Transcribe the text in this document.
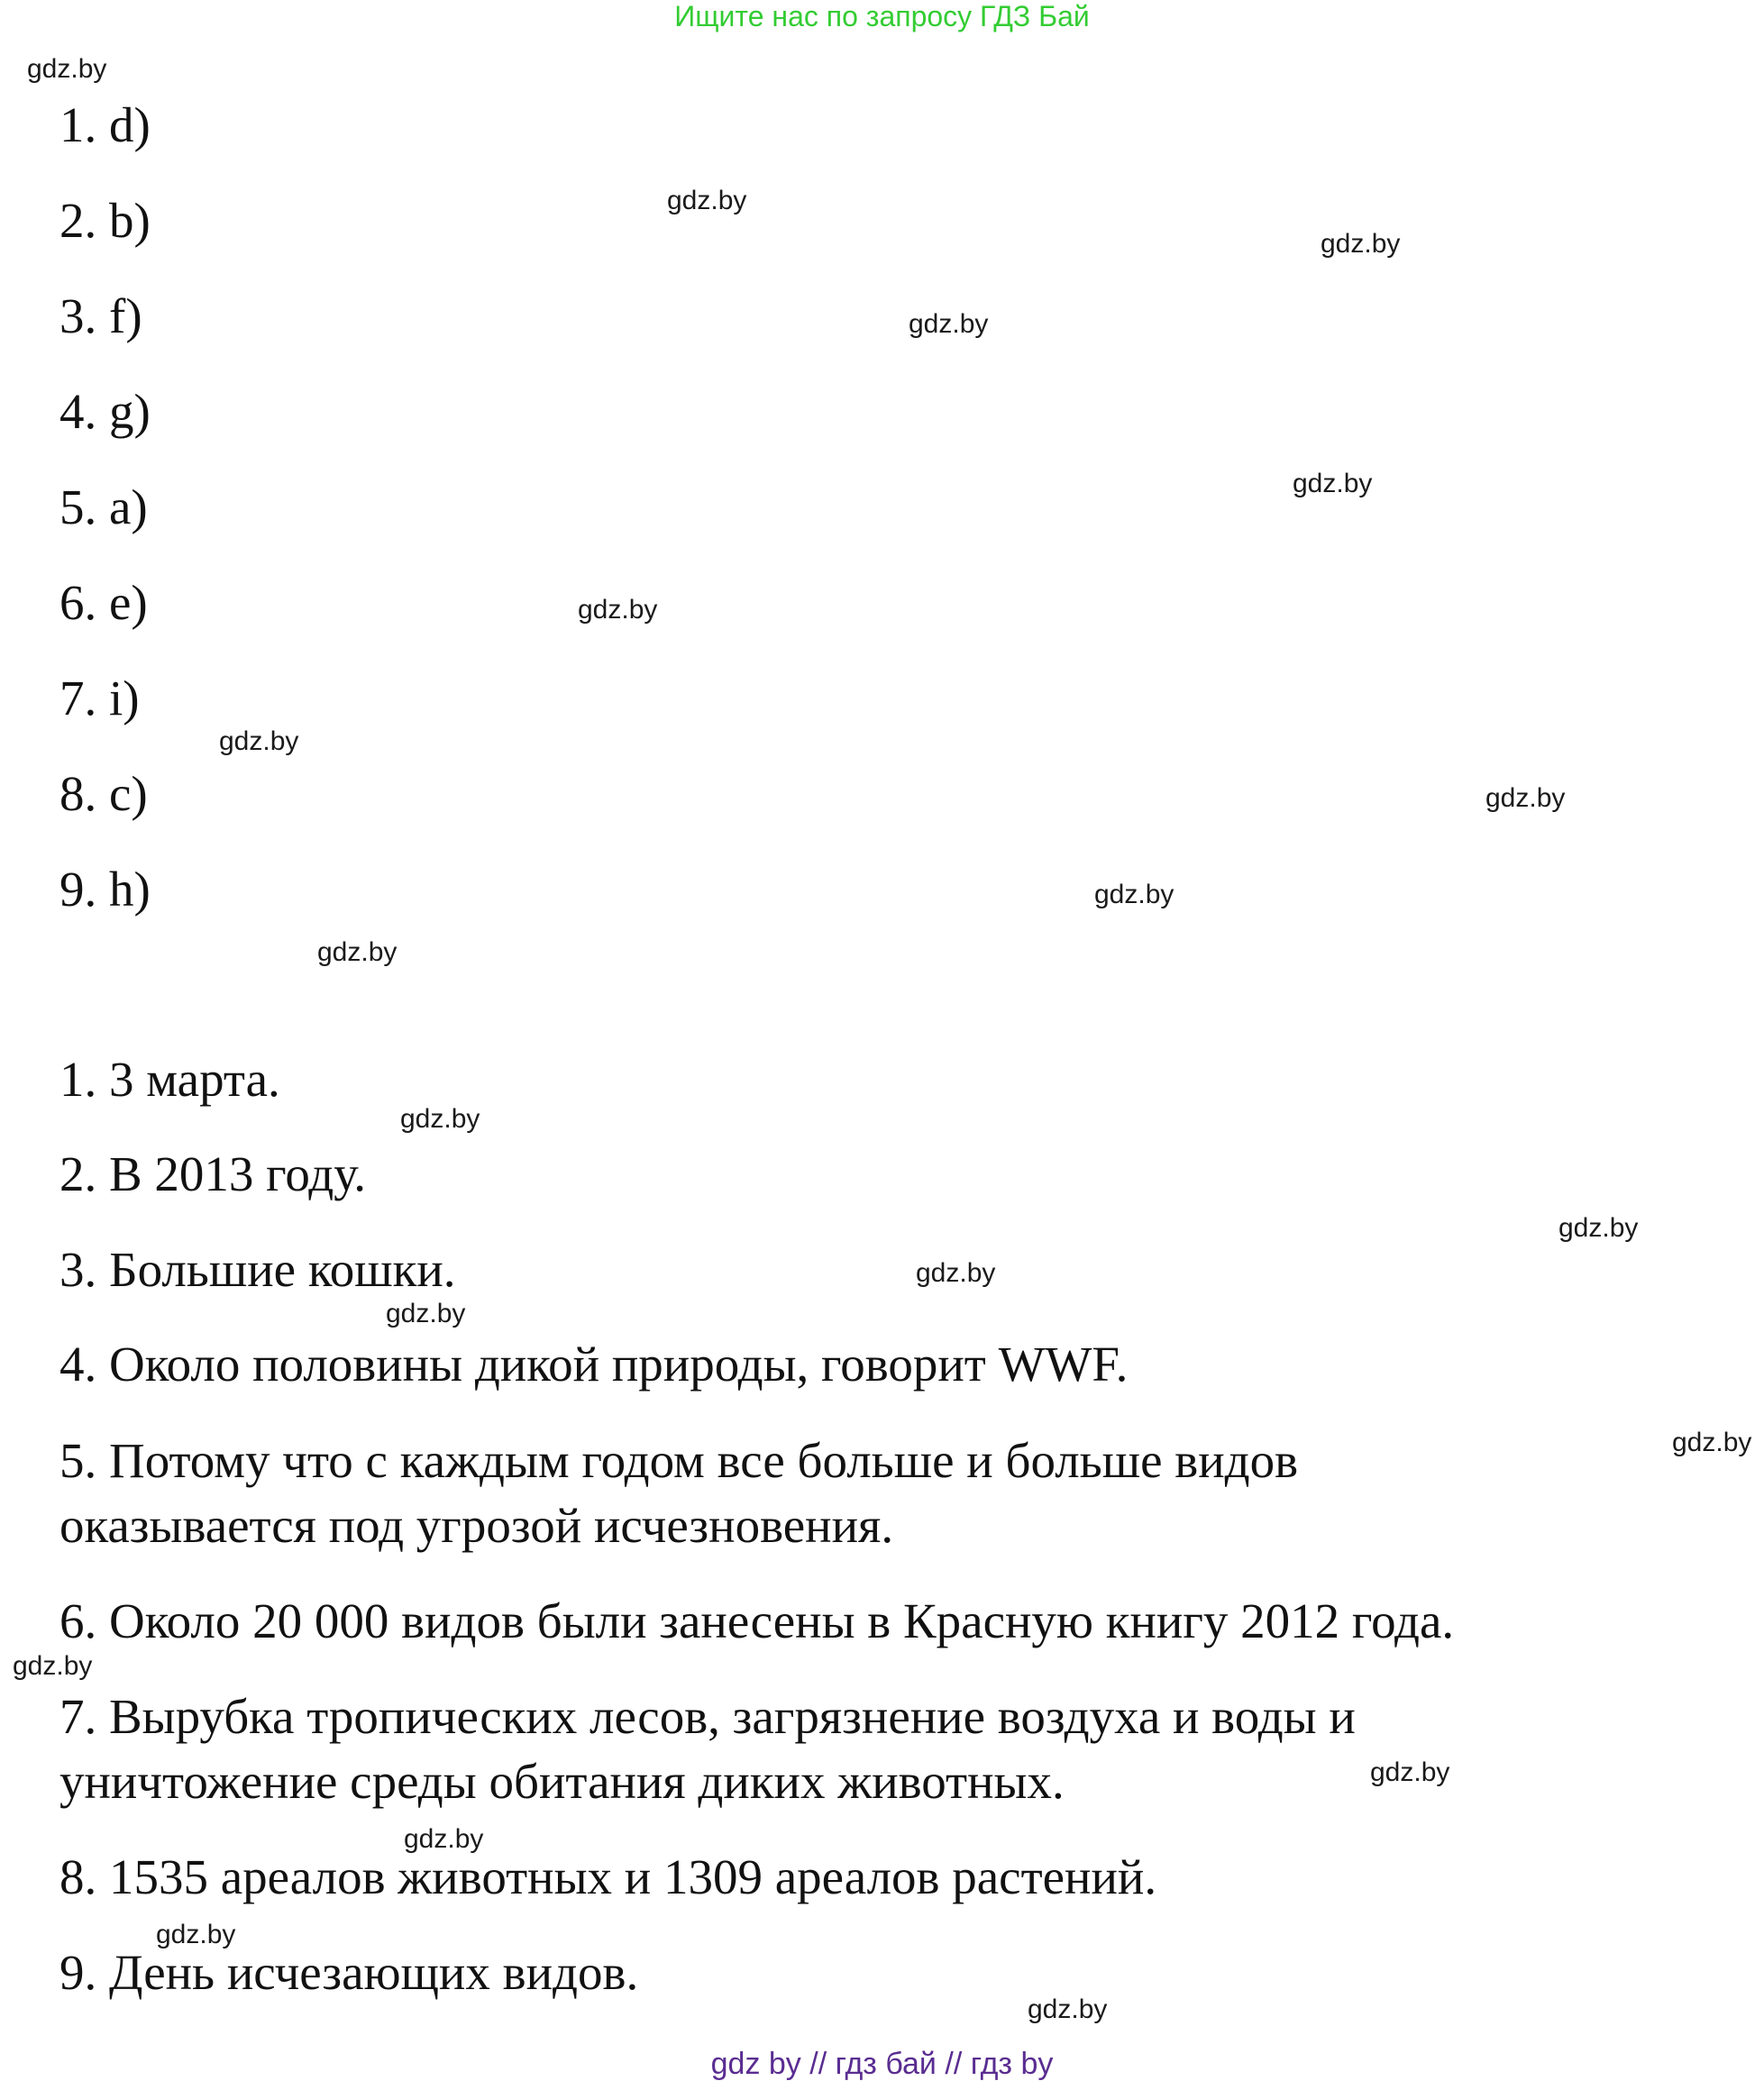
Ищите нас по запросу ГДЗ Бай
1. d)
2. b)
3. f)
4. g)
5. a)
6. e)
7. i)
8. c)
9. h)
1. 3 марта.
2. В 2013 году.
3. Большие кошки.
4. Около половины дикой природы, говорит WWF.
5. Потому что с каждым годом все больше и больше видов
оказывается под угрозой исчезновения.
6. Около 20 000 видов были занесены в Красную книгу 2012 года.
7. Вырубка тропических лесов, загрязнение воздуха и воды и
уничтожение среды обитания диких животных.
8. 1535 ареалов животных и 1309 ареалов растений.
9. День исчезающих видов.
gdz.by
gdz.by
gdz.by
gdz.by
gdz.by
gdz.by
gdz.by
gdz.by
gdz.by
gdz.by
gdz.by
gdz.by
gdz.by
gdz.by
gdz.by
gdz.by
gdz.by
gdz.by
gdz.by
gdz.by
gdz by // гдз бай // гдз by
